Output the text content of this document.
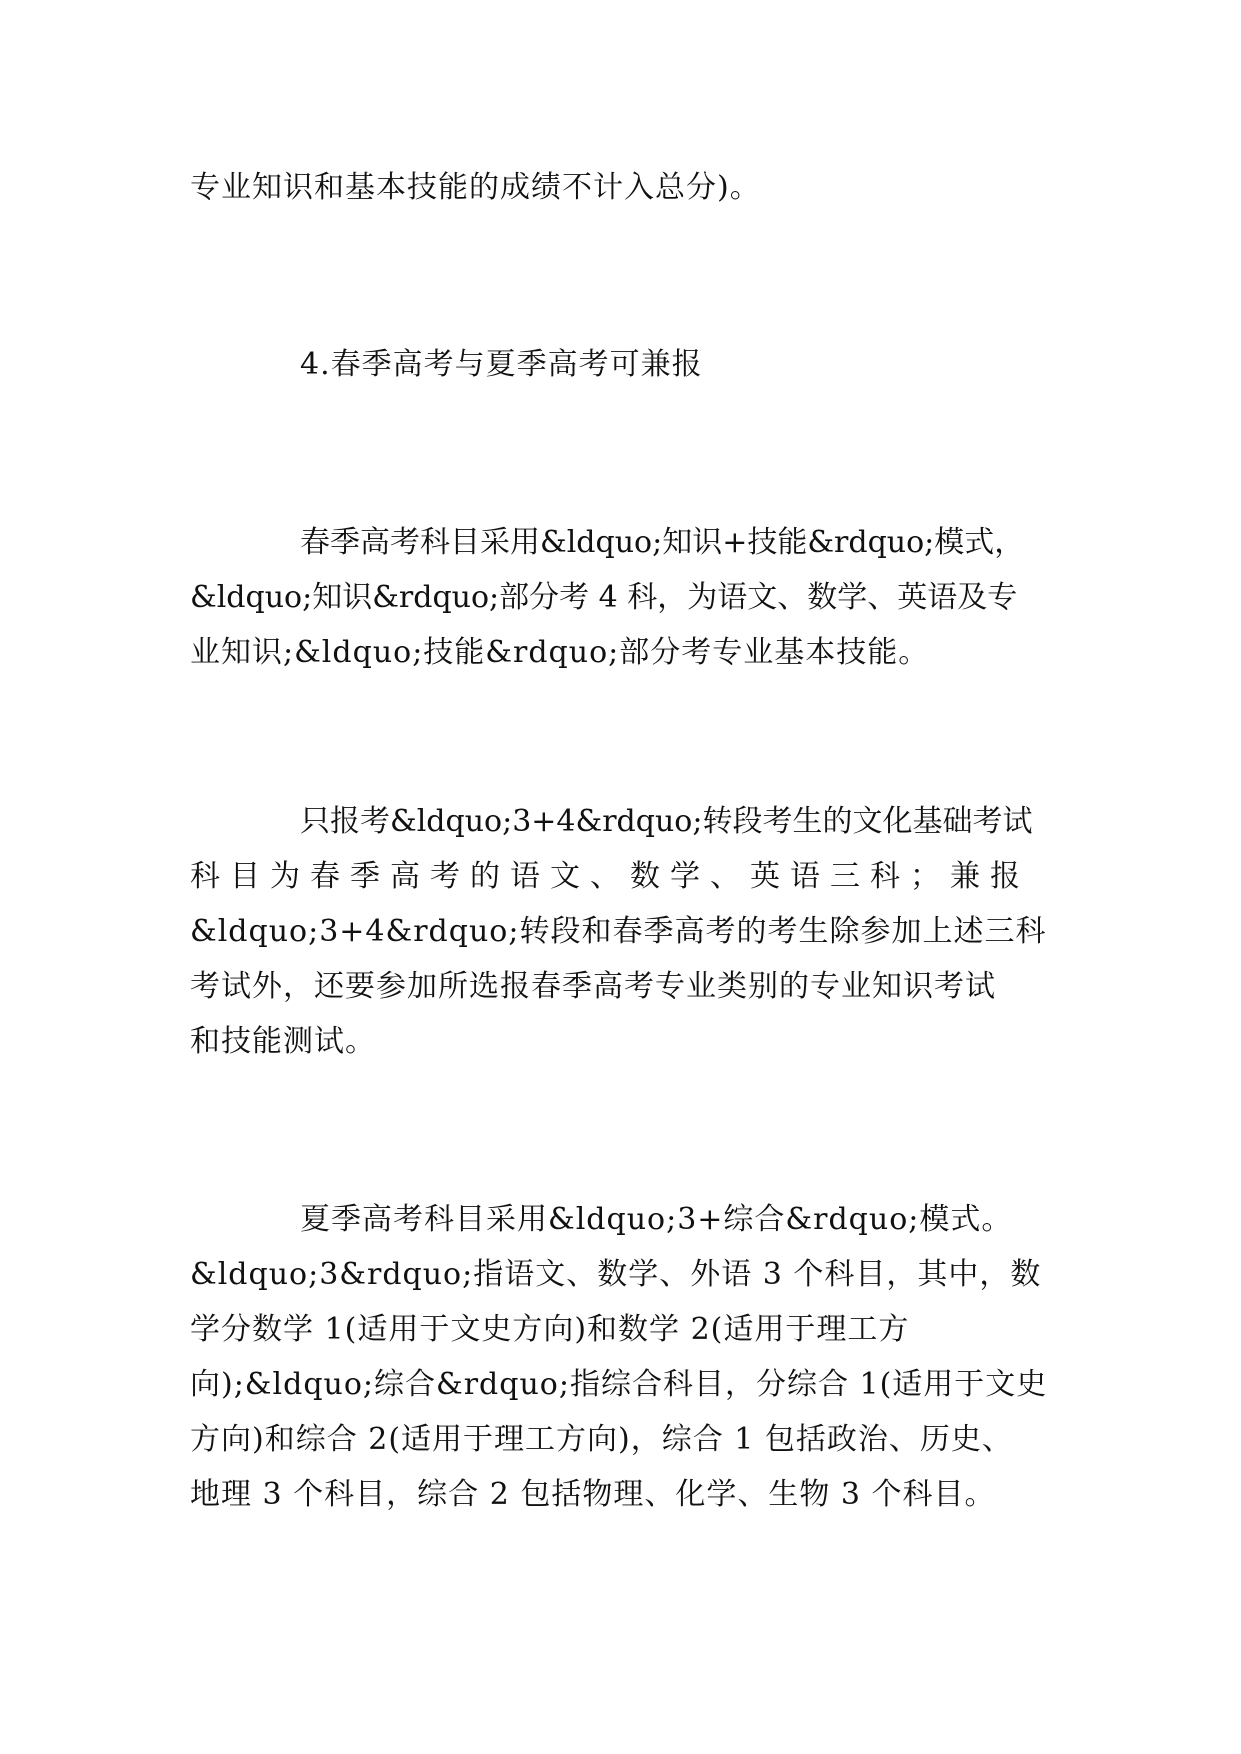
专业知识和基本技能的成绩不计入总分)。
4.春季高考与夏季高考可兼报
春季高考科目采用&ldquo;知识+技能&rdquo;模式，
&ldquo;知识&rdquo;部分考 4 科，为语文、数学、英语及专
业知识;&ldquo;技能&rdquo;部分考专业基本技能。
只报考&ldquo;3+4&rdquo;转段考生的文化基础考试
科目为春季高考的语文、数学、英语三科；兼报
&ldquo;3+4&rdquo;转段和春季高考的考生除参加上述三科
考试外，还要参加所选报春季高考专业类别的专业知识考试
和技能测试。
夏季高考科目采用&ldquo;3+综合&rdquo;模式。
&ldquo;3&rdquo;指语文、数学、外语 3 个科目，其中，数
学分数学 1(适用于文史方向)和数学 2(适用于理工方
向);&ldquo;综合&rdquo;指综合科目，分综合 1(适用于文史
方向)和综合 2(适用于理工方向)，综合 1 包括政治、历史、
地理 3 个科目，综合 2 包括物理、化学、生物 3 个科目。
